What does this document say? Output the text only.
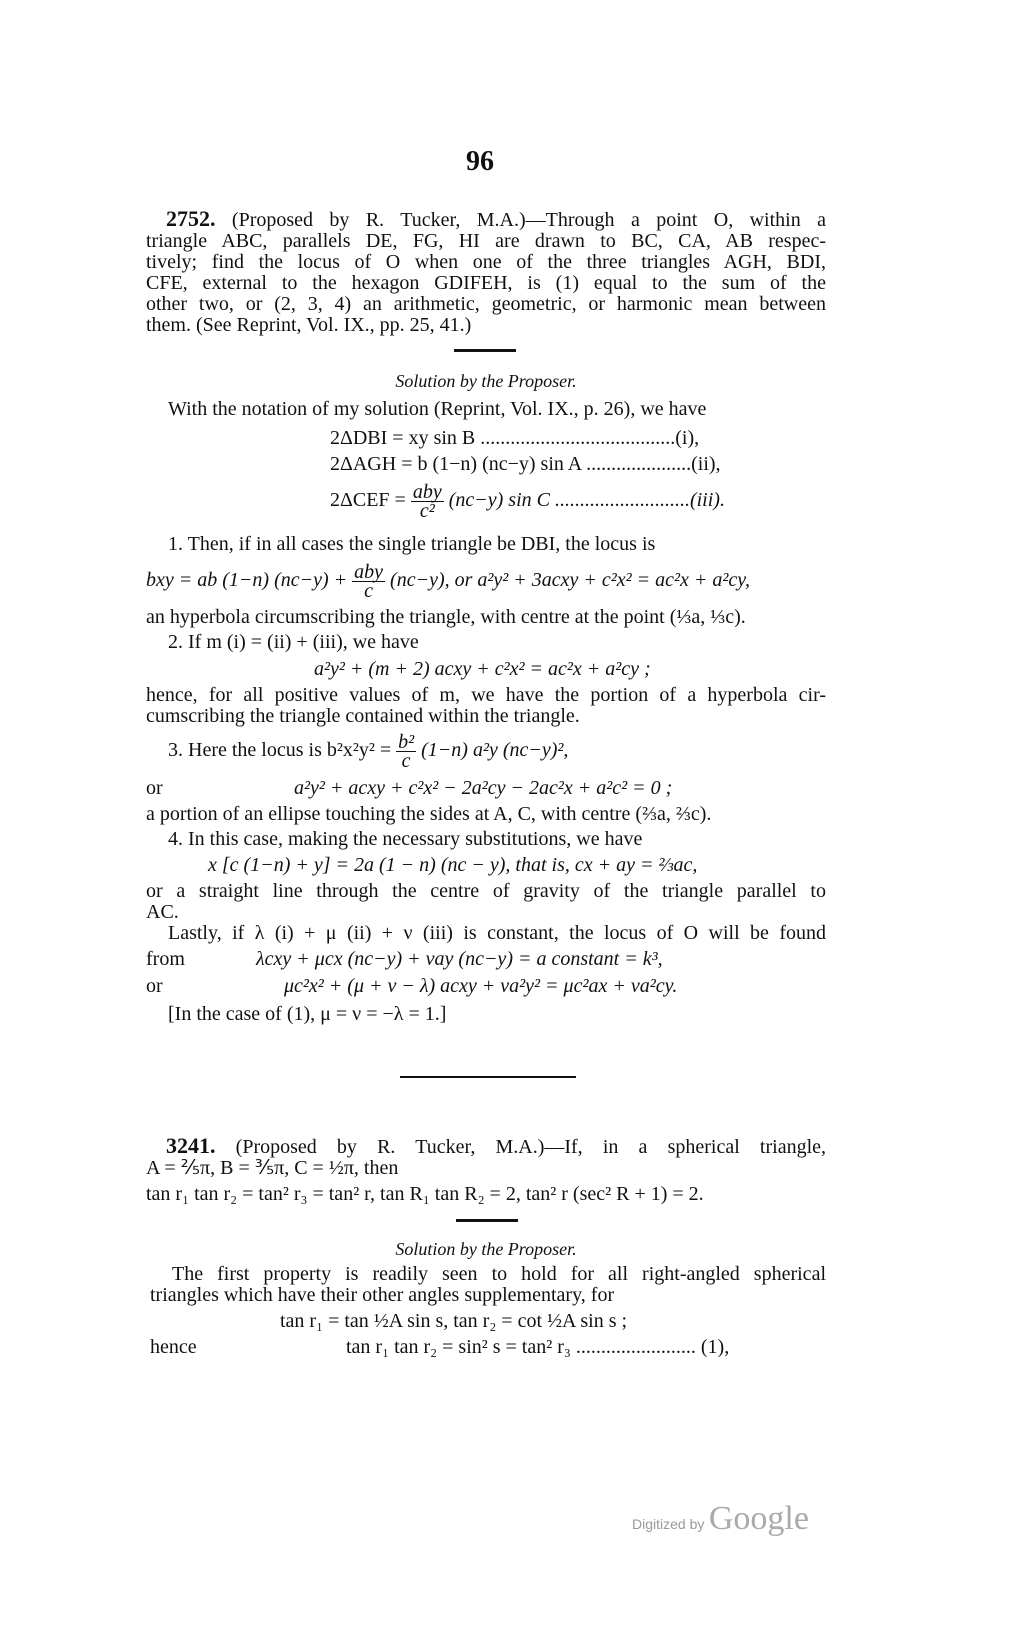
96
2752. (Proposed by R. Tucker, M.A.)—Through a point O, within a
triangle ABC, parallels DE, FG, HI are drawn to BC, CA, AB respec-
tively; find the locus of O when one of the three triangles AGH, BDI,
CFE, external to the hexagon GDIFEH, is (1) equal to the sum of the
other two, or (2, 3, 4) an arithmetic, geometric, or harmonic mean between
them. (See Reprint, Vol. IX., pp. 25, 41.)
Solution by the Proposer.
With the notation of my solution (Reprint, Vol. IX., p. 26), we have
2ΔDBI = xy sin B .......................................(i),
2ΔAGH = b (1−n) (nc−y) sin A .....................(ii),
$2\Delta CEF = \frac{\text{aby}}{\text{c²}} (nc-y)$ sin C ...........................(iii).
1. Then, if in all cases the single triangle be DBI, the locus is
bxy = ab (1−n) $(nc-y) + \frac{\text{aby}}{c} (nc-y)$, or a²y² + 3acxy + c²x² = ac²x + a²cy,
an hyperbola circumscribing the triangle, with centre at the point (⅓a, ⅓c).
2. If m (i) = (ii) + (iii), we have
a²y² + (m + 2) acxy + c²x² = ac²x + a²cy ;
hence, for all positive values of m, we have the portion of a hyperbola cir-
cumscribing the triangle contained within the triangle.
3. Here the locus is $b^2x^2y^2 = \frac{\text{b²}}{c} (1-n)$ a²y (nc−y)²,
or	a²y² + acxy + c²x² − 2a²cy − 2ac²x + a²c² = 0 ;
a portion of an ellipse touching the sides at A, C, with centre (⅔a, ⅔c).
4. In this case, making the necessary substitutions, we have
x [c (1−n) + y] = 2a (1 − n) (nc − y), that is, cx + ay = ⅔ac,
or a straight line through the centre of gravity of the triangle parallel to
AC.
Lastly, if λ (i) + μ (ii) + ν (iii) is constant, the locus of O will be found
from	λcxy + μcx (nc−y) + νay (nc−y) = a constant = k³,
or	μc²x² + (μ + ν − λ) acxy + νa²y² = μc²ax + νa²cy.
[In the case of (1), μ = ν = −λ = 1.]
3241. (Proposed by R. Tucker, M.A.)—If, in a spherical triangle,
A = ⅖π, B = ⅗π, C = ½π, then
tan r₁ tan r₂ = tan² r₃ = tan² r, tan R₁ tan R₂ = 2, tan² r (sec² R + 1) = 2.
Solution by the Proposer.
The first property is readily seen to hold for all right-angled spherical
triangles which have their other angles supplementary, for
tan r₁ = tan ½A sin s, tan r₂ = cot ½A sin s ;
hence	tan r₁ tan r₂ = sin² s = tan² r₃ ........................ (1),
Digitized by Google
